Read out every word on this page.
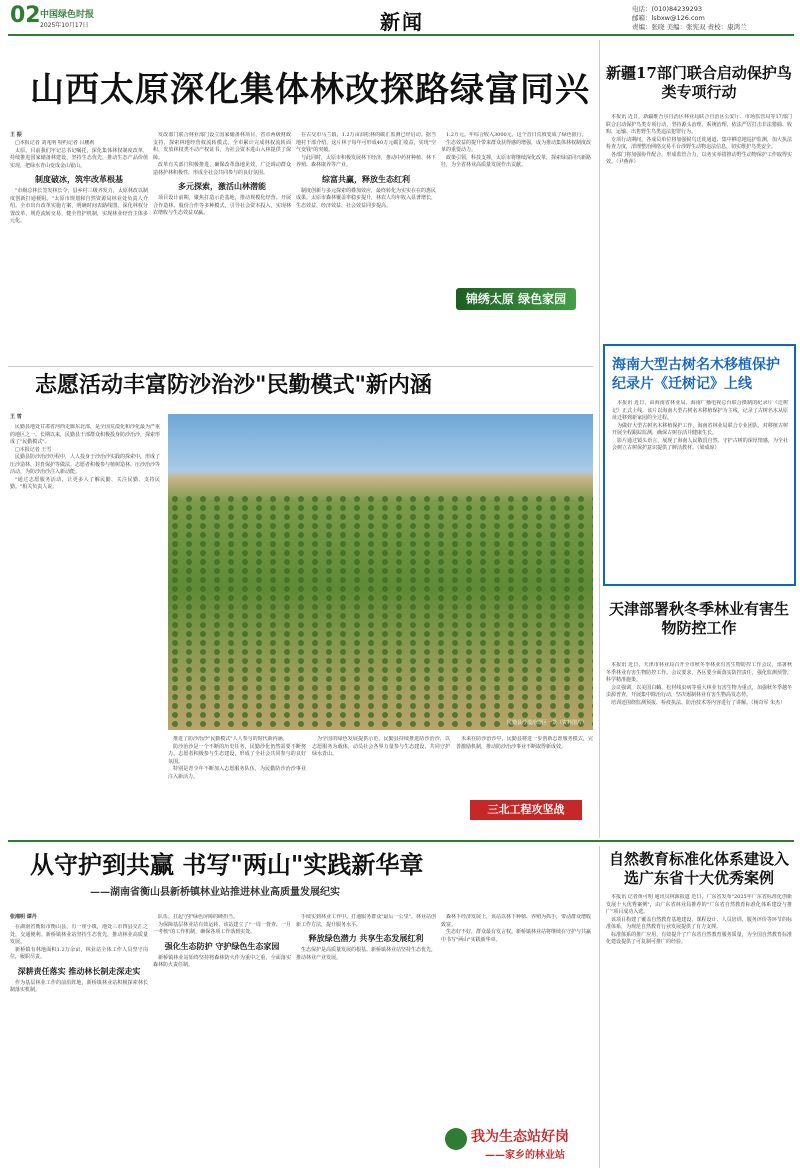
02 中国绿色时报
2025年10月17日	新闻
电话：(010)84239293
邮箱：lsbxw@126.com
责编：张晓 美编：张宪双 责校：康鸿兰
山西太原深化集体林改探路绿富同兴
王 振

□本报记者 刘兆明 特约记者 吕鹏莉

太原，目前我们牢记总书记嘱托，深化集体林权制度改革，持续推进国家储备林建设，坚持生态优先，推动生态产品价值实现，把绿水青山变成金山银山。

制度破冰，筑牢改革根基

"市级总林长签发林长令，县乡村三级齐发力，太原林改以制度创新打通梗阻。"太原市规划和自然资源局林业处负责人介绍。全市出台改革实施方案，明确时间表路线图，深化林权分置改革，规范流转交易，健全管护机制，实现林业经营主体多元化。

发改部门联合林业部门设立国家储备林项目，省市两级财政支持，探索林地经营权流转模式。全市累计完成林权流转面积，发放林权类不动产权证书，为社会资本进山入林提供了保障。

改革有关部门积极推进，确保改革落地见效，广泛调动群众造林护林积极性，形成全社会共同参与的良好氛围。

多元探索，激活山林潜能

项目设计前期，聚焦打造示范基地，推动规模化经营。开展合作造林、股份合作等多种模式，引导社会资本投入，实现林农增收与生态效益双赢。

在古交市马兰镇，1.2万亩油松林的碳汇监测已经启动。据当地村干部介绍，这片林子每年可形成40万元碳汇收益，实现"空气变钱"的突破。

与此同时，太原市积极发展林下经济，推动中药材种植、林下养殖、森林康养等产业。

综富共赢，释放生态红利

制度创新与多元探索的叠加效应，最终转化为实实在在的惠民成果。太原市森林覆盖率稳步提升，林农人均年收入显著增长，生态效益、经济效益、社会效益同步提高。

1.2万元。年综合收入3000元，这个昔日荒坡变成了绿色银行。

生态效益的提升带来群众获得感的增强，成为推动集体林权制度改革的重要动力。

政策引领，科技支撑，太原市将继续深化改革，探索绿富同兴新路径，为全省林业高质量发展作出贡献。

锦绣太原 绿色家园
新疆17部门联合启动保护鸟类专项行动

本报讯 近日，新疆维吾尔自治区林业局联合自治区公安厅、市场监管局等17部门联合启动保护鸟类专项行动，坚持源头治理、系统治理，依法严厉打击非法猎捕、收购、运输、出售野生鸟类违法犯罪行为。

专项行动期间，各成员单位将加强候鸟迁徙通道、集中栖息地巡护监测，加大执法检查力度，清理整治网络交易平台涉野生动物违法信息，切实维护鸟类安全。

各部门将加强协作配合，形成监管合力，以务实举措推动野生动物保护工作取得实效。（尹燕萍）

海南大型古树名木移植保护纪录片《迁树记》上线

本报讯 近日，由海南省林业局、海南广播电视总台联合摄制的纪录片《迁树记》正式上线。该片以海南大型古树名木移植保护为主线，记录了古树名木从原址迁移到新家园的全过程。

为做好大型古树名木移植保护工作，海南省林业局联合专业团队，对移植古树开展全程跟踪监测，确保古树存活并健康生长。

影片通过镜头语言，展现了海南人民敬畏自然、守护古树的深厚情感，为全社会树立古树保护意识提供了鲜活教材。（梁成琼）

志愿活动丰富防沙治沙"民勤模式"新内涵
王 雪

民勤县地处甘肃省河西走廊东北部，是全国荒漠化和沙化最为严重的地区之一。长期以来，民勤县干部群众积极投身防沙治沙，探索形成了"民勤模式"。

□本报记者 王雪

民勤县防沙治沙历程中，人人投身于沙治沙实践的探索中，形成了压沙造林、封育保护等做法。志愿者积极参与植树造林、压沙治沙等活动，为防沙治沙注入新动能。

"通过志愿服务活动，让更多人了解民勤、关注民勤、支持民勤。"相关负责人说。

民勤县沙漠治理区一景（资料图片）

推进了防沙治沙"民勤模式"人人参与的时代新内涵。

防沙治沙是一个不断的历史任务，民勤沙化仍然需要不断努力。志愿者积极参与生态建设，形成了全社会共同参与的良好氛围。

特别是青少年不断加入志愿服务队伍，为民勤防沙治沙事业注入新活力。

为全国的绿色发展提供示范，民勤县持续推进防沙治沙，以志愿服务为载体，动员社会各界力量参与生态建设，共同守护绿水青山。

未来在防沙治沙中，民勤县将进一步创新志愿服务模式，完善激励机制，推动防沙治沙事业不断取得新成效。

三北工程攻坚战
天津部署秋冬季林业有害生物防控工作

本报讯 近日，天津市林业局召开全市秋冬季林业有害生物防控工作会议，部署秋冬季林业有害生物防控工作。会议要求，各区要全面落实防控责任，强化监测预警，科学精准施策。

会议强调，以美国白蛾、松材线虫病等重大林业有害生物为重点，加强秋冬季越冬虫源普查，开展集中除治行动，坚决遏制林业有害生物高发态势。

培训还围绕监测预报、检疫执法、防治技术等内容进行了讲解。（杨奇军 朱杰）

从守护到共赢 书写"两山"实践新华章
——湖南省衡山县新桥镇林业站推进林业高质量发展纪实
张湘明 谭丹

在湖南省衡阳市衡山县，有一座小镇，地处三市四县交汇之处，交通便利。新桥镇林业站坚持生态优先，推动林业高质量发展。

新桥镇有林地面积1.2万余亩，林业站全体工作人员坚守岗位，履职尽责。

深耕责任落实 推动林长制走深走实

作为基层林业工作的前沿阵地，新桥镇林业站积极探索林长制落实机制。

队伍，扛起守护绿色屏障的硬担当。

为保障基层林业站有效运转，该站建立了"一周一督查、一月一考核"的工作机制，确保各项工作落到实处。

强化生态防护 守护绿色生态家园

新桥镇林业站始终坚持将森林防火作为重中之重，全面落实森林防火责任制。

手续实到林业工作中，打通服务群众"最后一公里"。林业站创新工作方法，提升服务水平。

释放绿色潜力 共享生态发展红利

生态保护是高质量发展的根基。新桥镇林业站坚持生态优先，推动林业产业发展。

森林下经济发展上，该站以林下种植、养殖为抓手，带动群众增收致富。

生态好不好，群众最有发言权。新桥镇林业站将继续在守护与共赢中书写"两山"实践新华章。

我为生态站好岗
——家乡的林业站
自然教育标准化体系建设入选广东省十大优秀案例

本报讯 记者黄可明 通讯员林源报道 近日，广东省发布"2025年广东省标准化创新发展十大优秀案例"，由广东省林业局推荐的"广东省自然教育标准化体系建设与推广"项目成功入选。

该项目构建了覆盖自然教育基地建设、课程设计、人员培训、服务评价等环节的标准体系，为规范自然教育行业发展提供了有力支撑。

标准体系的推广应用，有效提升了广东省自然教育服务质量，为全国自然教育标准化建设提供了可复制可推广的经验。
